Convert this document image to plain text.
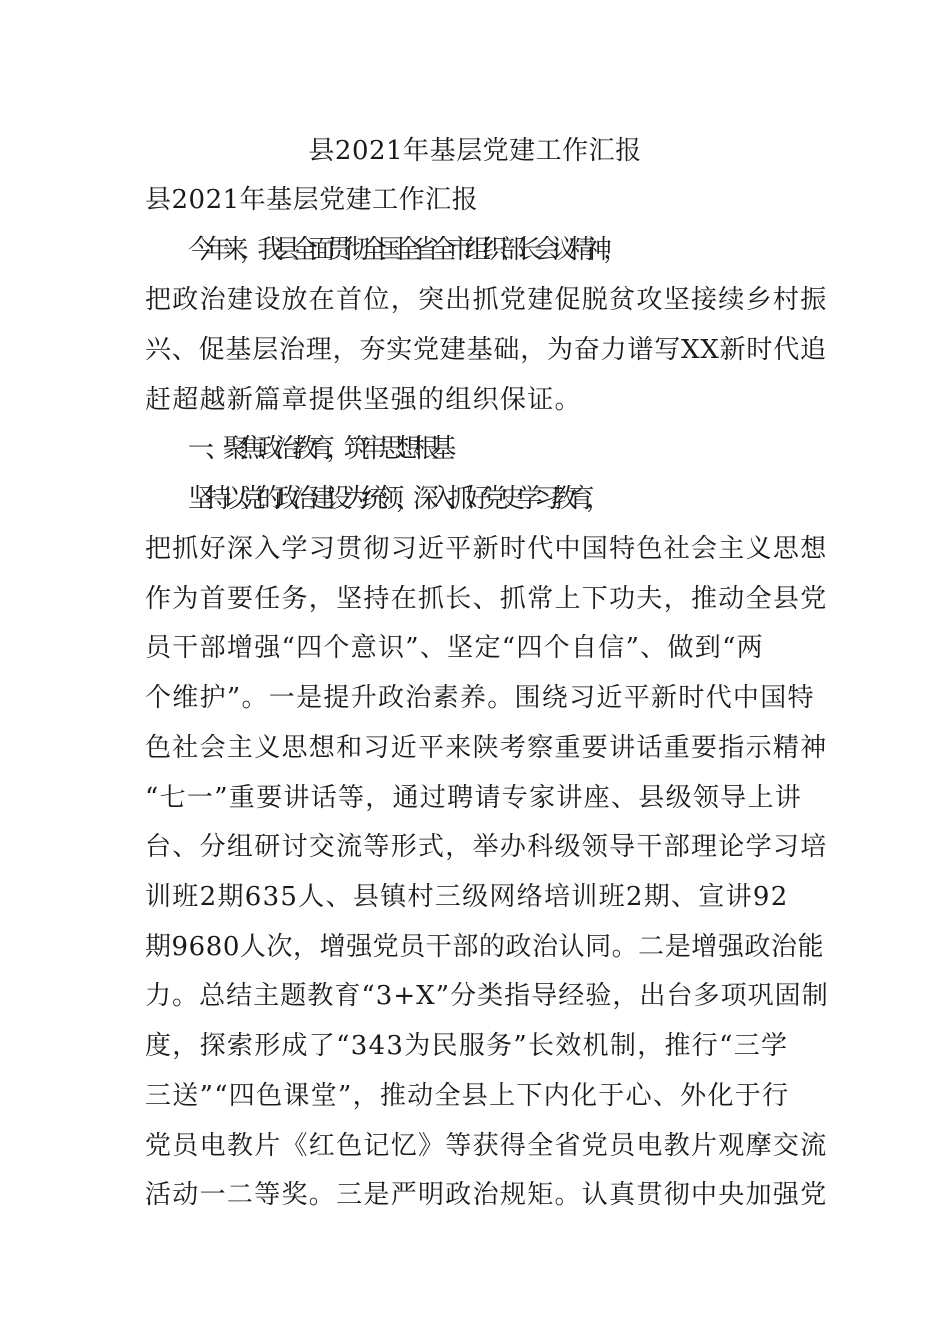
县2021年基层党建工作汇报
县2021年基层党建工作汇报
今年来，我县全面贯彻全国全省全市组织部长会议精神，
把政治建设放在首位，突出抓党建促脱贫攻坚接续乡村振
兴、促基层治理，夯实党建基础，为奋力谱写XX新时代追
赶超越新篇章提供坚强的组织保证。
一、聚焦政治教育，筑牢思想根基
坚持以党的政治建设为统领，深入抓好党史学习教育，
把抓好深入学习贯彻习近平新时代中国特色社会主义思想
作为首要任务，坚持在抓长、抓常上下功夫，推动全县党
员干部增强“四个意识”、坚定“四个自信”、做到“两
个维护”。一是提升政治素养。围绕习近平新时代中国特
色社会主义思想和习近平来陕考察重要讲话重要指示精神
“七一”重要讲话等，通过聘请专家讲座、县级领导上讲
台、分组研讨交流等形式，举办科级领导干部理论学习培
训班2期635人、县镇村三级网络培训班2期、宣讲92
期9680人次，增强党员干部的政治认同。二是增强政治能
力。总结主题教育“3+X”分类指导经验，出台多项巩固制
度，探索形成了“343为民服务”长效机制，推行“三学
三送”“四色课堂”，推动全县上下内化于心、外化于行
党员电教片《红色记忆》等获得全省党员电教片观摩交流
活动一二等奖。三是严明政治规矩。认真贯彻中央加强党
